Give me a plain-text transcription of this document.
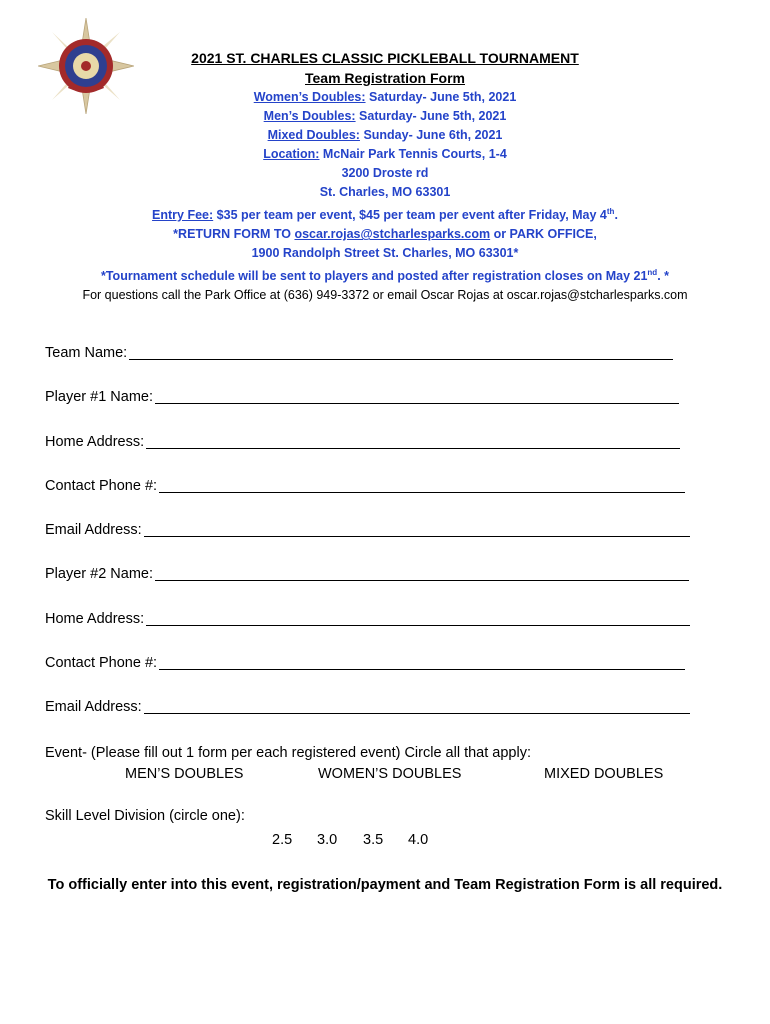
2021 ST. CHARLES CLASSIC PICKLEBALL TOURNAMENT
Team Registration Form
Women’s Doubles: Saturday- June 5th, 2021
Men’s Doubles: Saturday- June 5th, 2021
Mixed Doubles: Sunday- June 6th, 2021
Location: McNair Park Tennis Courts, 1-4
3200 Droste rd
St. Charles, MO 63301
Entry Fee: $35 per team per event, $45 per team per event after Friday, May 4th.
*RETURN FORM TO oscar.rojas@stcharlesparks.com or PARK OFFICE,
1900 Randolph Street St. Charles, MO 63301*
*Tournament schedule will be sent to players and posted after registration closes on May 21nd. *
For questions call the Park Office at (636) 949-3372 or email Oscar Rojas at oscar.rojas@stcharlesparks.com
Team Name:
Player #1 Name:
Home Address:
Contact Phone #:
Email Address:
Player #2 Name:
Home Address:
Contact Phone #:
Email Address:
Event- (Please fill out 1 form per each registered event) Circle all that apply:
MEN’S DOUBLES	WOMEN’S DOUBLES	MIXED DOUBLES
Skill Level Division (circle one):
2.5 3.0 3.5 4.0
To officially enter into this event, registration/payment and Team Registration Form is all required.
